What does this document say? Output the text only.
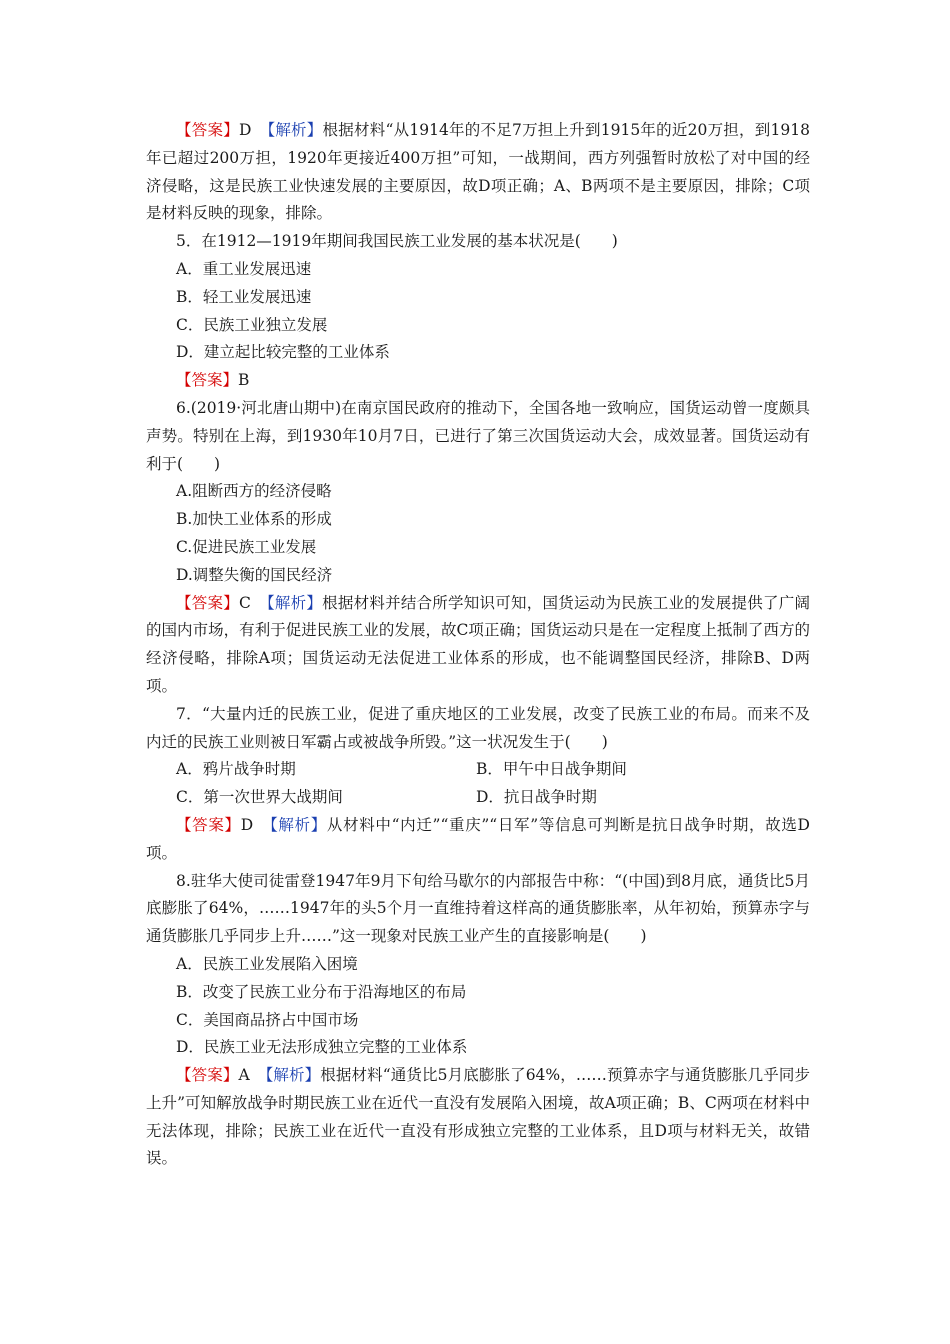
【答案】D　 【解析】根据材料“从1914年的不足7万担上升到1915年的近20万担，到1918年已超过200万担，1920年更接近400万担”可知，一战期间，西方列强暂时放松了对中国的经济侵略，这是民族工业快速发展的主要原因，故D项正确；A、B两项不是主要原因，排除；C项是材料反映的现象，排除。

5．在1912—1919年期间我国民族工业发展的基本状况是(　　)

A．重工业发展迅速

B．轻工业发展迅速

C．民族工业独立发展

D．建立起比较完整的工业体系

【答案】B

6.(2019·河北唐山期中)在南京国民政府的推动下，全国各地一致响应，国货运动曾一度颇具声势。特别在上海，到1930年10月7日，已进行了第三次国货运动大会，成效显著。国货运动有利于(　　)

A.阻断西方的经济侵略

B.加快工业体系的形成

C.促进民族工业发展

D.调整失衡的国民经济

【答案】C　 【解析】根据材料并结合所学知识可知，国货运动为民族工业的发展提供了广阔的国内市场，有利于促进民族工业的发展，故C项正确；国货运动只是在一定程度上抵制了西方的经济侵略，排除A项；国货运动无法促进工业体系的形成，也不能调整国民经济，排除B、D两项。

7．“大量内迁的民族工业，促进了重庆地区的工业发展，改变了民族工业的布局。而来不及内迁的民族工业则被日军霸占或被战争所毁。”这一状况发生于(　　)

A．鸦片战争时期	B．甲午中日战争期间
C．第一次世界大战期间	D．抗日战争时期

【答案】D　 【解析】从材料中“内迁”“重庆”“日军”等信息可判断是抗日战争时期，故选D项。

8.驻华大使司徒雷登1947年9月下旬给马歇尔的内部报告中称：“(中国)到8月底，通货比5月底膨胀了64%，……1947年的头5个月一直维持着这样高的通货膨胀率，从年初始，预算赤字与通货膨胀几乎同步上升……”这一现象对民族工业产生的直接影响是(　　)

A．民族工业发展陷入困境

B．改变了民族工业分布于沿海地区的布局

C．美国商品挤占中国市场

D．民族工业无法形成独立完整的工业体系

【答案】A　 【解析】根据材料“通货比5月底膨胀了64%，……预算赤字与通货膨胀几乎同步上升”可知解放战争时期民族工业在近代一直没有发展陷入困境，故A项正确；B、C两项在材料中无法体现，排除；民族工业在近代一直没有形成独立完整的工业体系，且D项与材料无关，故错误。
